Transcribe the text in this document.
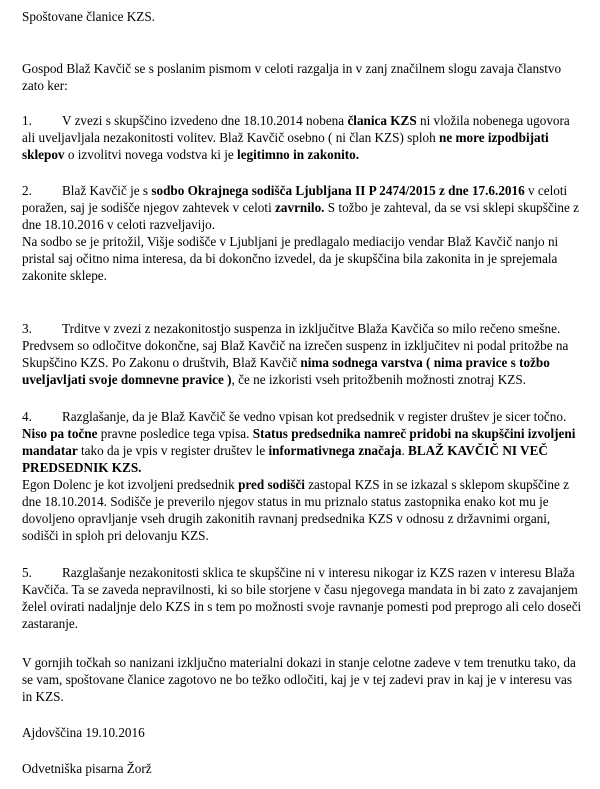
Spoštovane članice KZS.

Gospod Blaž Kavčič se s poslanim pismom v celoti razgalja in v zanj značilnem slogu zavaja članstvo zato ker:

1. V zvezi s skupščino izvedeno dne 18.10.2014 nobena članica KZS ni vložila nobenega ugovora ali uveljavljala nezakonitosti volitev. Blaž Kavčič osebno ( ni član KZS) sploh ne more izpodbijati sklepov o izvolitvi novega vodstva ki je legitimno in zakonito.

2. Blaž Kavčič je s sodbo Okrajnega sodišča Ljubljana II P 2474/2015 z dne 17.6.2016 v celoti poražen, saj je sodišče njegov zahtevek v celoti zavrnilo. S tožbo je zahteval, da se vsi sklepi skupščine z dne 18.10.2016 v celoti razveljavijo.

Na sodbo se je pritožil, Višje sodišče v Ljubljani je predlagalo mediacijo vendar Blaž Kavčič nanjo ni pristal saj očitno nima interesa, da bi dokončno izvedel, da je skupščina bila zakonita in je sprejemala zakonite sklepe.

3. Trditve v zvezi z nezakonitostjo suspenza in izključitve Blaža Kavčiča so milo rečeno smešne. Predvsem so odločitve dokončne, saj Blaž Kavčič na izrečen suspenz in izključitev ni podal pritožbe na Skupščino KZS. Po Zakonu o društvih, Blaž Kavčič nima sodnega varstva ( nima pravice s tožbo uveljavljati svoje domnevne pravice ), če ne izkoristi vseh pritožbenih možnosti znotraj KZS.

4. Razglašanje, da je Blaž Kavčič še vedno vpisan kot predsednik v register društev je sicer točno. Niso pa točne pravne posledice tega vpisa. Status predsednika namreč pridobi na skupščini izvoljeni mandatar tako da je vpis v register društev le informativnega značaja. BLAŽ KAVČIČ NI VEČ PREDSEDNIK KZS.

Egon Dolenc je kot izvoljeni predsednik pred sodišči zastopal KZS in se izkazal s sklepom skupščine z dne 18.10.2014. Sodišče je preverilo njegov status in mu priznalo status zastopnika enako kot mu je dovoljeno opravljanje vseh drugih zakonitih ravnanj predsednika KZS v odnosu z državnimi organi, sodišči in sploh pri delovanju KZS.

5. Razglašanje nezakonitosti sklica te skupščine ni v interesu nikogar iz KZS razen v interesu Blaža Kavčiča. Ta se zaveda nepravilnosti, ki so bile storjene v času njegovega mandata in bi zato z zavajanjem želel ovirati nadaljnje delo KZS in s tem po možnosti svoje ravnanje pomesti pod preprogo ali celo doseči zastaranje.

V gornjih točkah so nanizani izključno materialni dokazi in stanje celotne zadeve v tem trenutku tako, da se vam, spoštovane članice zagotovo ne bo težko odločiti, kaj je v tej zadevi prav in kaj je v interesu vas in KZS.

Ajdovščina 19.10.2016

Odvetniška pisarna Žorž
